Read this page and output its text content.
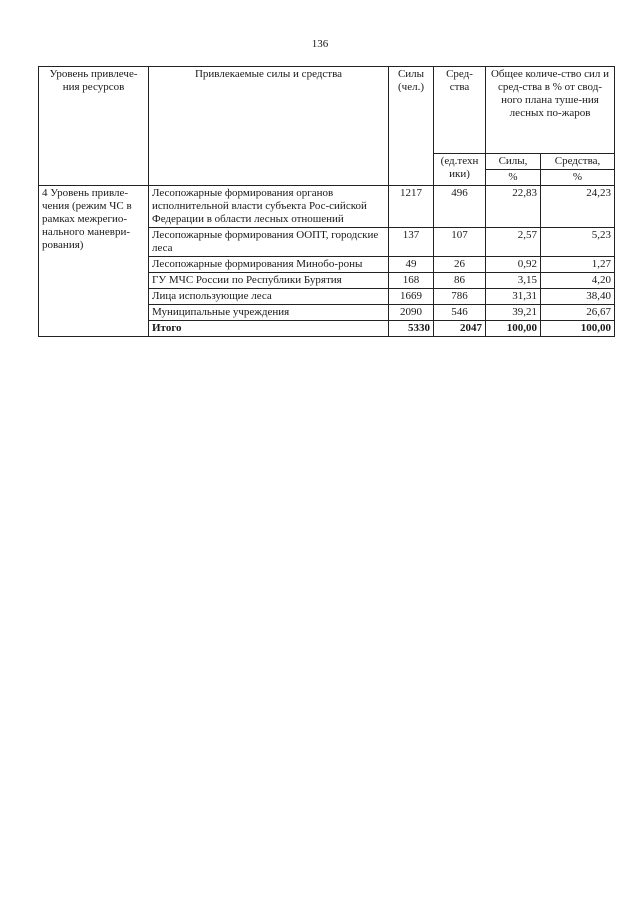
136
Уровень привлече-ния ресурсов	Привлекаемые силы и средства	Силы (чел.)	Сред-ства	Общее количе-ство сил и сред-ства в % от свод-ного плана туше-ния лесных по-жаров	
			(ед.техн ики)	Силы,	Средства,
				%	%
4 Уровень привле-чения (режим ЧС в рамках межрегио-нального маневри-рования)	Лесопожарные формирования органов исполнительной власти субъекта Рос-сийской Федерации в области лесных отношений	1217	496	22,83	24,23
	Лесопожарные формирования ООПТ, городские леса	137	107	2,57	5,23
	Лесопожарные формирования Минобо-роны	49	26	0,92	1,27
	ГУ МЧС России по Республики Бурятия	168	86	3,15	4,20
	Лица использующие леса	1669	786	31,31	38,40
	Муниципальные учреждения	2090	546	39,21	26,67
	Итого	5330	2047	100,00	100,00
